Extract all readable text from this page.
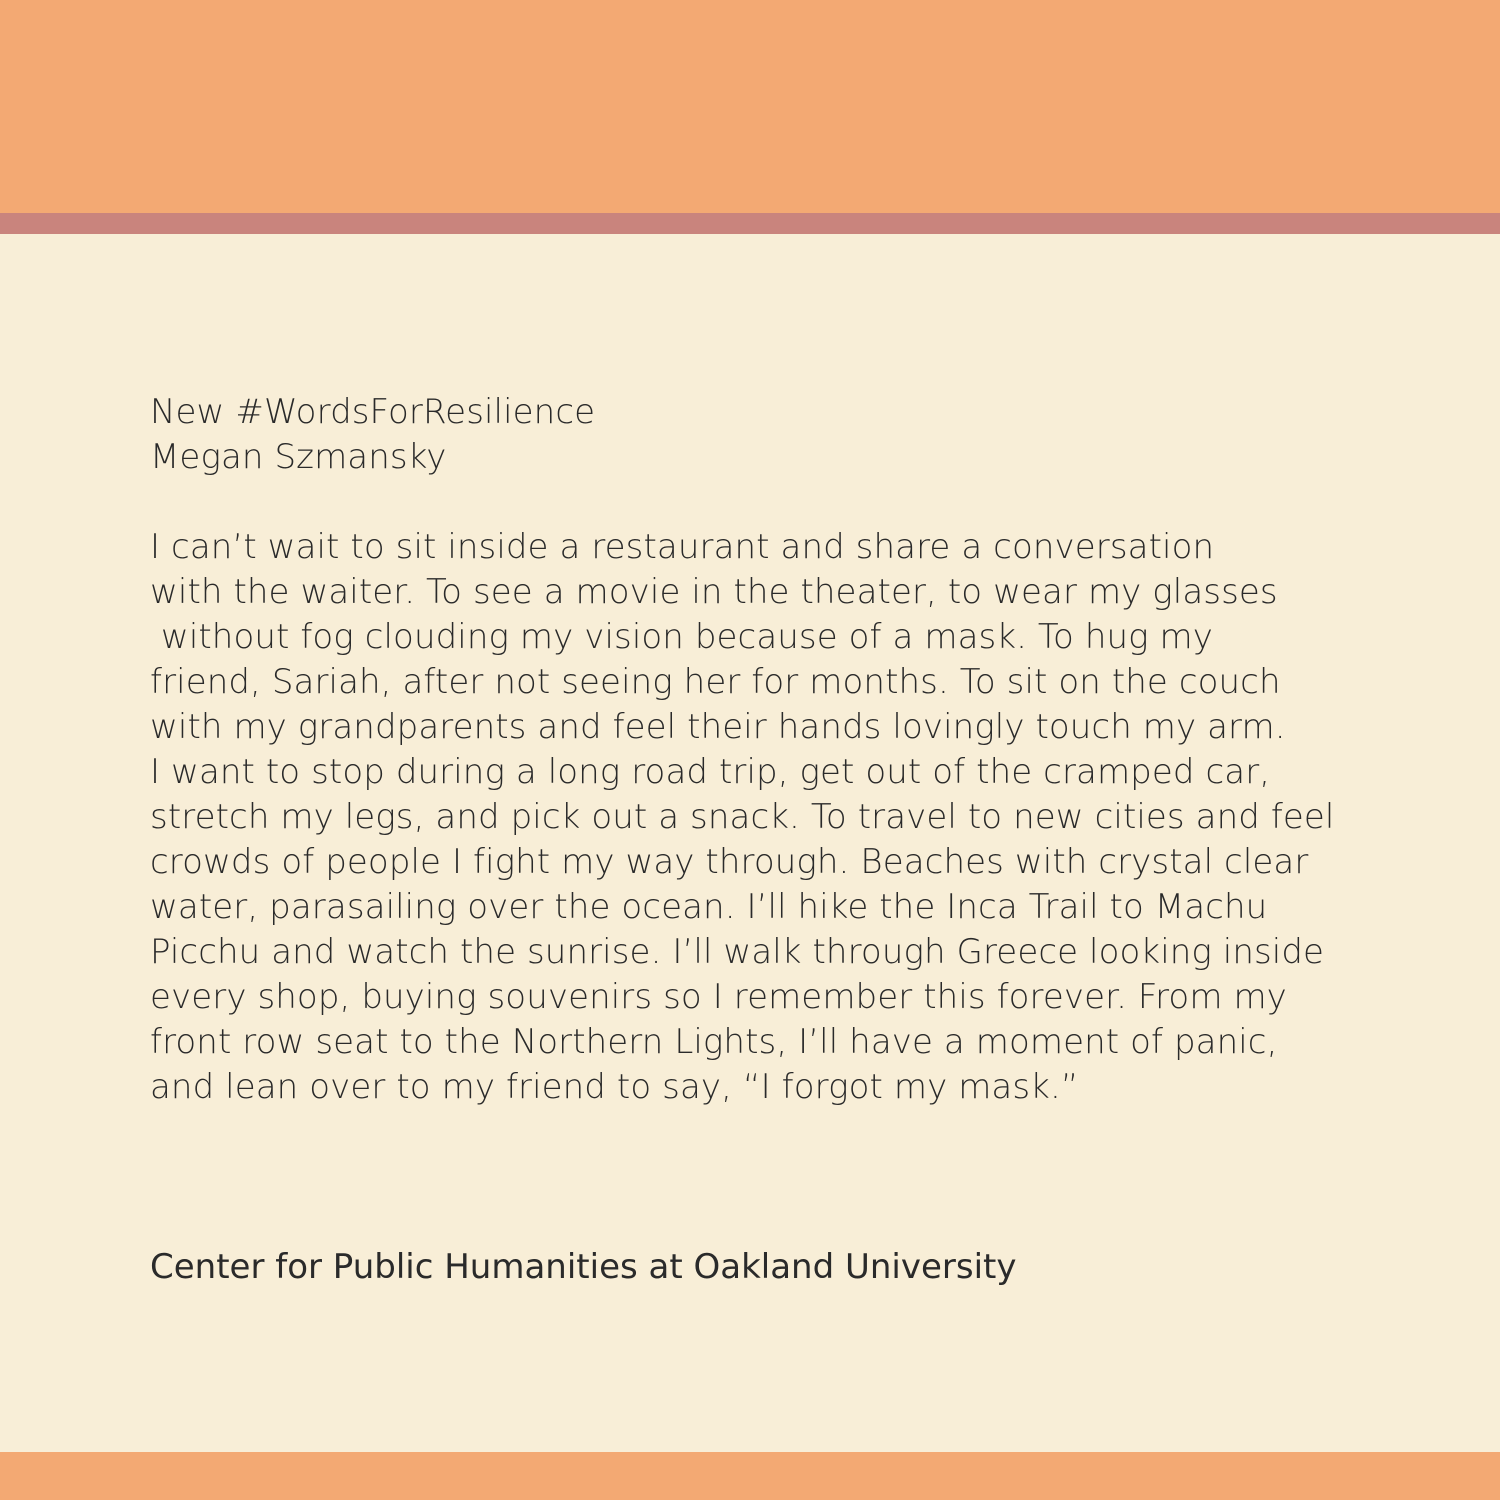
New #WordsForResilience
Megan Szmansky
I can’t wait to sit inside a restaurant and share a conversation
with the waiter. To see a movie in the theater, to wear my glasses
without fog clouding my vision because of a mask. To hug my
friend, Sariah, after not seeing her for months. To sit on the couch
with my grandparents and feel their hands lovingly touch my arm.
I want to stop during a long road trip, get out of the cramped car,
stretch my legs, and pick out a snack. To travel to new cities and feel
crowds of people I fight my way through. Beaches with crystal clear
water, parasailing over the ocean. I’ll hike the Inca Trail to Machu
Picchu and watch the sunrise. I’ll walk through Greece looking inside
every shop, buying souvenirs so I remember this forever. From my
front row seat to the Northern Lights, I’ll have a moment of panic,
and lean over to my friend to say, “I forgot my mask.”
Center for Public Humanities at Oakland University
